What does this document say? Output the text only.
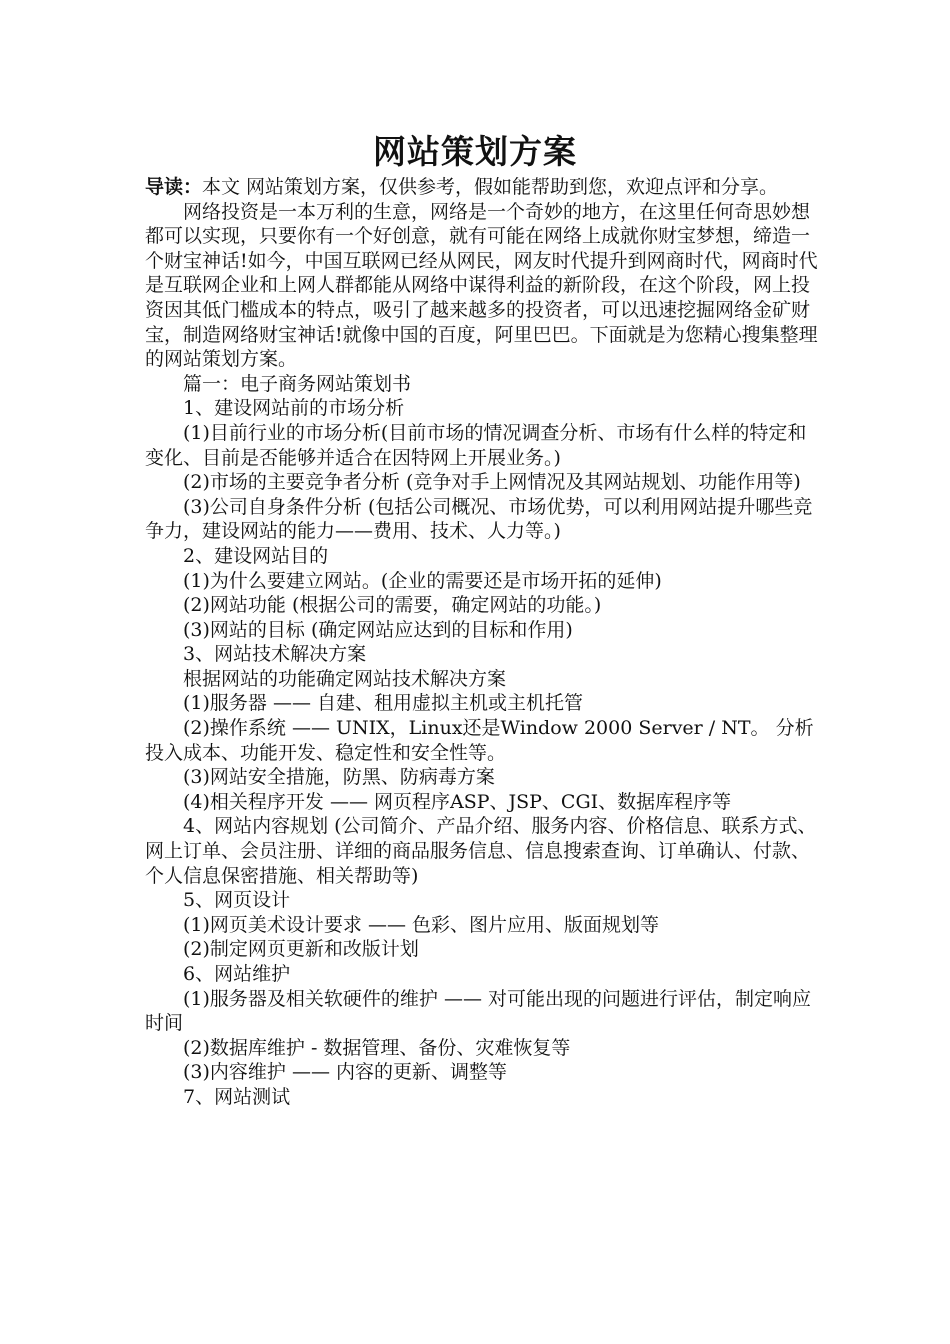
网站策划方案

导读：本文 网站策划方案，仅供参考，假如能帮助到您，欢迎点评和分享。

网络投资是一本万利的生意，网络是一个奇妙的地方，在这里任何奇思妙想都可以实现，只要你有一个好创意，就有可能在网络上成就你财宝梦想，缔造一个财宝神话!如今，中国互联网已经从网民，网友时代提升到网商时代，网商时代是互联网企业和上网人群都能从网络中谋得利益的新阶段，在这个阶段，网上投资因其低门槛成本的特点，吸引了越来越多的投资者，可以迅速挖掘网络金矿财宝，制造网络财宝神话!就像中国的百度，阿里巴巴。下面就是为您精心搜集整理的网站策划方案。

篇一：电子商务网站策划书

1、建设网站前的市场分析

(1)目前行业的市场分析(目前市场的情况调查分析、市场有什么样的特定和变化、目前是否能够并适合在因特网上开展业务。)

(2)市场的主要竞争者分析 (竞争对手上网情况及其网站规划、功能作用等)

(3)公司自身条件分析 (包括公司概况、市场优势，可以利用网站提升哪些竞争力，建设网站的能力——费用、技术、人力等。)

2、建设网站目的

(1)为什么要建立网站。(企业的需要还是市场开拓的延伸)

(2)网站功能 (根据公司的需要，确定网站的功能。)

(3)网站的目标 (确定网站应达到的目标和作用)

3、网站技术解决方案

根据网站的功能确定网站技术解决方案

(1)服务器 —— 自建、租用虚拟主机或主机托管

(2)操作系统 —— UNIX，Linux还是Window 2000 Server / NT。 分析投入成本、功能开发、稳定性和安全性等。

(3)网站安全措施，防黑、防病毒方案

(4)相关程序开发 —— 网页程序ASP、JSP、CGI、数据库程序等

4、网站内容规划 (公司简介、产品介绍、服务内容、价格信息、联系方式、网上订单、会员注册、详细的商品服务信息、信息搜索查询、订单确认、付款、个人信息保密措施、相关帮助等)

5、网页设计

(1)网页美术设计要求 —— 色彩、图片应用、版面规划等

(2)制定网页更新和改版计划

6、网站维护

(1)服务器及相关软硬件的维护 —— 对可能出现的问题进行评估，制定响应时间

(2)数据库维护 - 数据管理、备份、灾难恢复等

(3)内容维护 —— 内容的更新、调整等

7、网站测试
